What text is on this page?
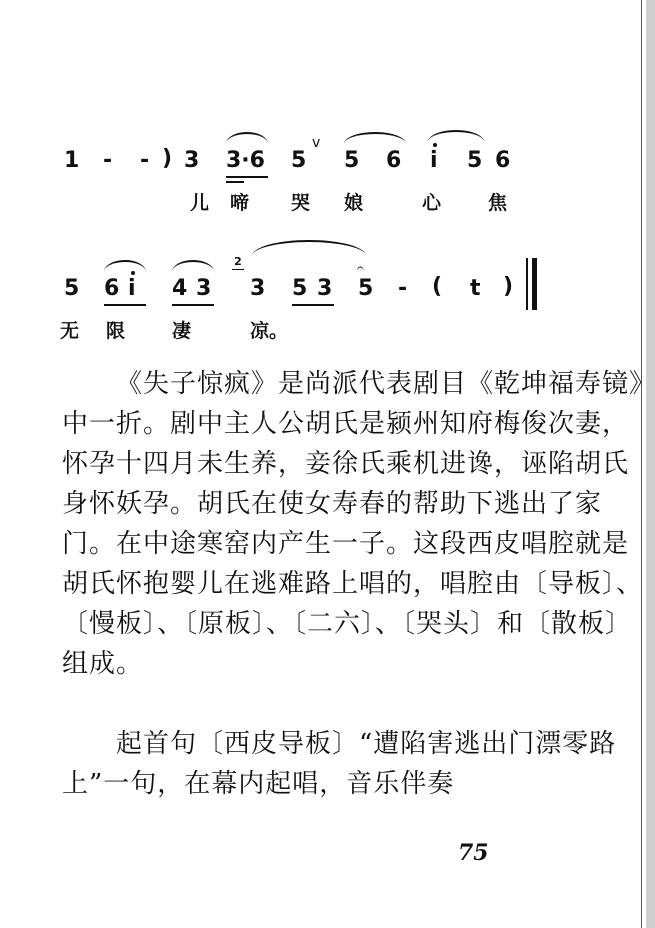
1 - - ) 3 3·6 5
v
5 6 i 5 6
儿 啼 哭 娘	心 焦
5 6 i 4 3
2
3 5 3
𝄐
5 - ( t )
无 限 凄	凉。

《失子惊疯》是尚派代表剧目《乾坤福寿镜》中一折。剧中主人公胡氏是颍州知府梅俊次妻，怀孕十四月未生养，妾徐氏乘机进谗，诬陷胡氏身怀妖孕。胡氏在使女寿春的帮助下逃出了家门。在中途寒窑内产生一子。这段西皮唱腔就是胡氏怀抱婴儿在逃难路上唱的，唱腔由〔导板〕、〔慢板〕、〔原板〕、〔二六〕、〔哭头〕和〔散板〕组成。

起首句〔西皮导板〕“遭陷害逃出门漂零路上”一句，在幕内起唱，音乐伴奏

75
